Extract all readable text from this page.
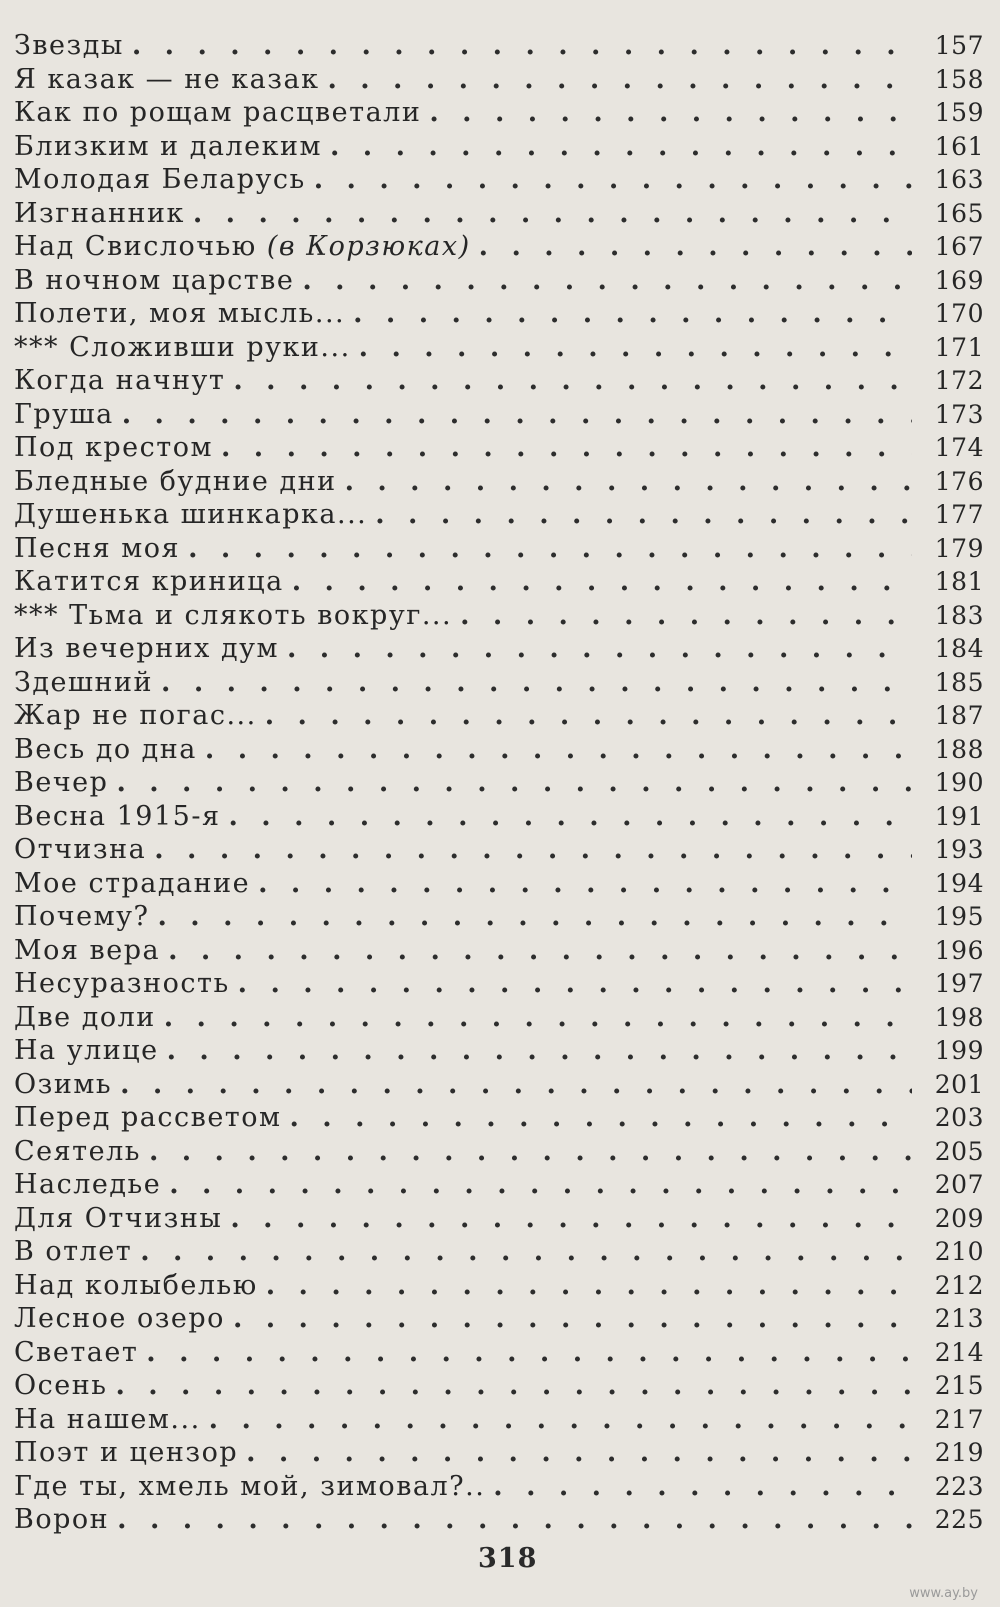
Звезды . . .	157
Я казак — не казак . . .	158
Как по рощам расцветали . . .	159
Близким и далеким . . .	161
Молодая Беларусь . . .	163
Изгнанник . . .	165
Над Свислочью (в Корзюках) . . .	167
В ночном царстве . . .	169
Полети, моя мысль... . . .	170
*** Сложивши руки... . . .	171
Когда начнут . . .	172
Груша . . .	173
Под крестом . . .	174
Бледные будние дни . . .	176
Душенька шинкарка... . . .	177
Песня моя . . .	179
Катится криница . . .	181
*** Тьма и слякоть вокруг... . . .	183
Из вечерних дум . . .	184
Здешний . . .	185
Жар не погас... . . .	187
Весь до дна . . .	188
Вечер . . .	190
Весна 1915-я . . .	191
Отчизна . . .	193
Мое страдание . . .	194
Почему? . . .	195
Моя вера . . .	196
Несуразность . . .	197
Две доли . . .	198
На улице . . .	199
Озимь . . .	201
Перед рассветом . . .	203
Сеятель . . .	205
Наследье . . .	207
Для Отчизны . . .	209
В отлет . . .	210
Над колыбелью . . .	212
Лесное озеро . . .	213
Светает . . .	214
Осень . . .	215
На нашем... . . .	217
Поэт и цензор . . .	219
Где ты, хмель мой, зимовал?.. . . .	223
Ворон . . .	225
318
www.ay.by
